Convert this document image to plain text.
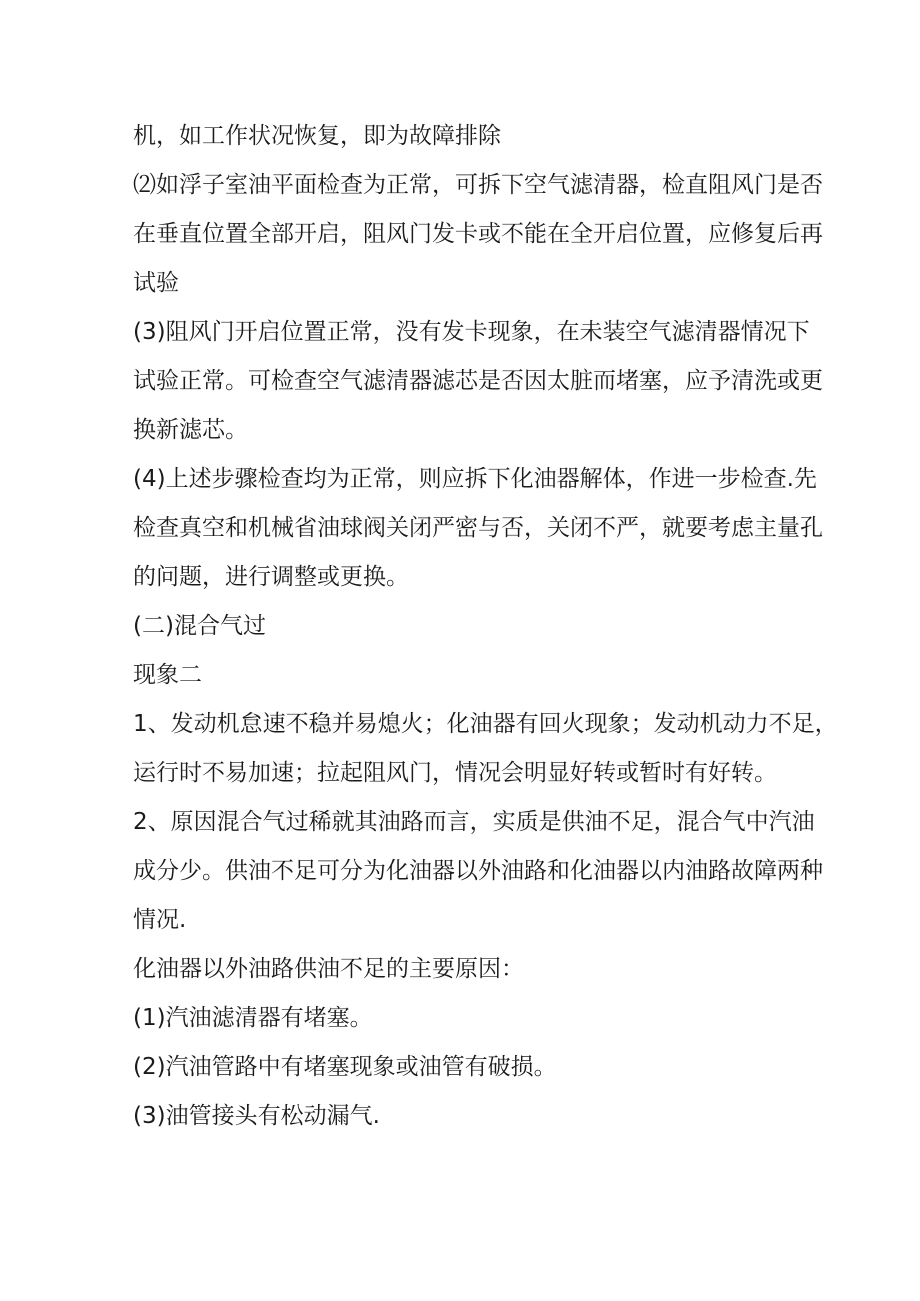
机，如工作状况恢复，即为故障排除
⑵如浮子室油平面检查为正常，可拆下空气滤清器，检直阻风门是否
在垂直位置全部开启，阻风门发卡或不能在全开启位置，应修复后再
试验
(3)阻风门开启位置正常，没有发卡现象，在未装空气滤清器情况下
试验正常。可检查空气滤清器滤芯是否因太脏而堵塞，应予清洗或更
换新滤芯。
(4)上述步骤检查均为正常，则应拆下化油器解体，作进一步检查.先
检查真空和机械省油球阀关闭严密与否，关闭不严，就要考虑主量孔
的问题，进行调整或更换。
(二)混合气过
现象二
1、发动机怠速不稳并易熄火；化油器有回火现象；发动机动力不足，
运行时不易加速；拉起阻风门，情况会明显好转或暂时有好转。
2、原因混合气过稀就其油路而言，实质是供油不足，混合气中汽油
成分少。供油不足可分为化油器以外油路和化油器以内油路故障两种
情况.
化油器以外油路供油不足的主要原因：
(1)汽油滤清器有堵塞。
(2)汽油管路中有堵塞现象或油管有破损。
(3)油管接头有松动漏气.
